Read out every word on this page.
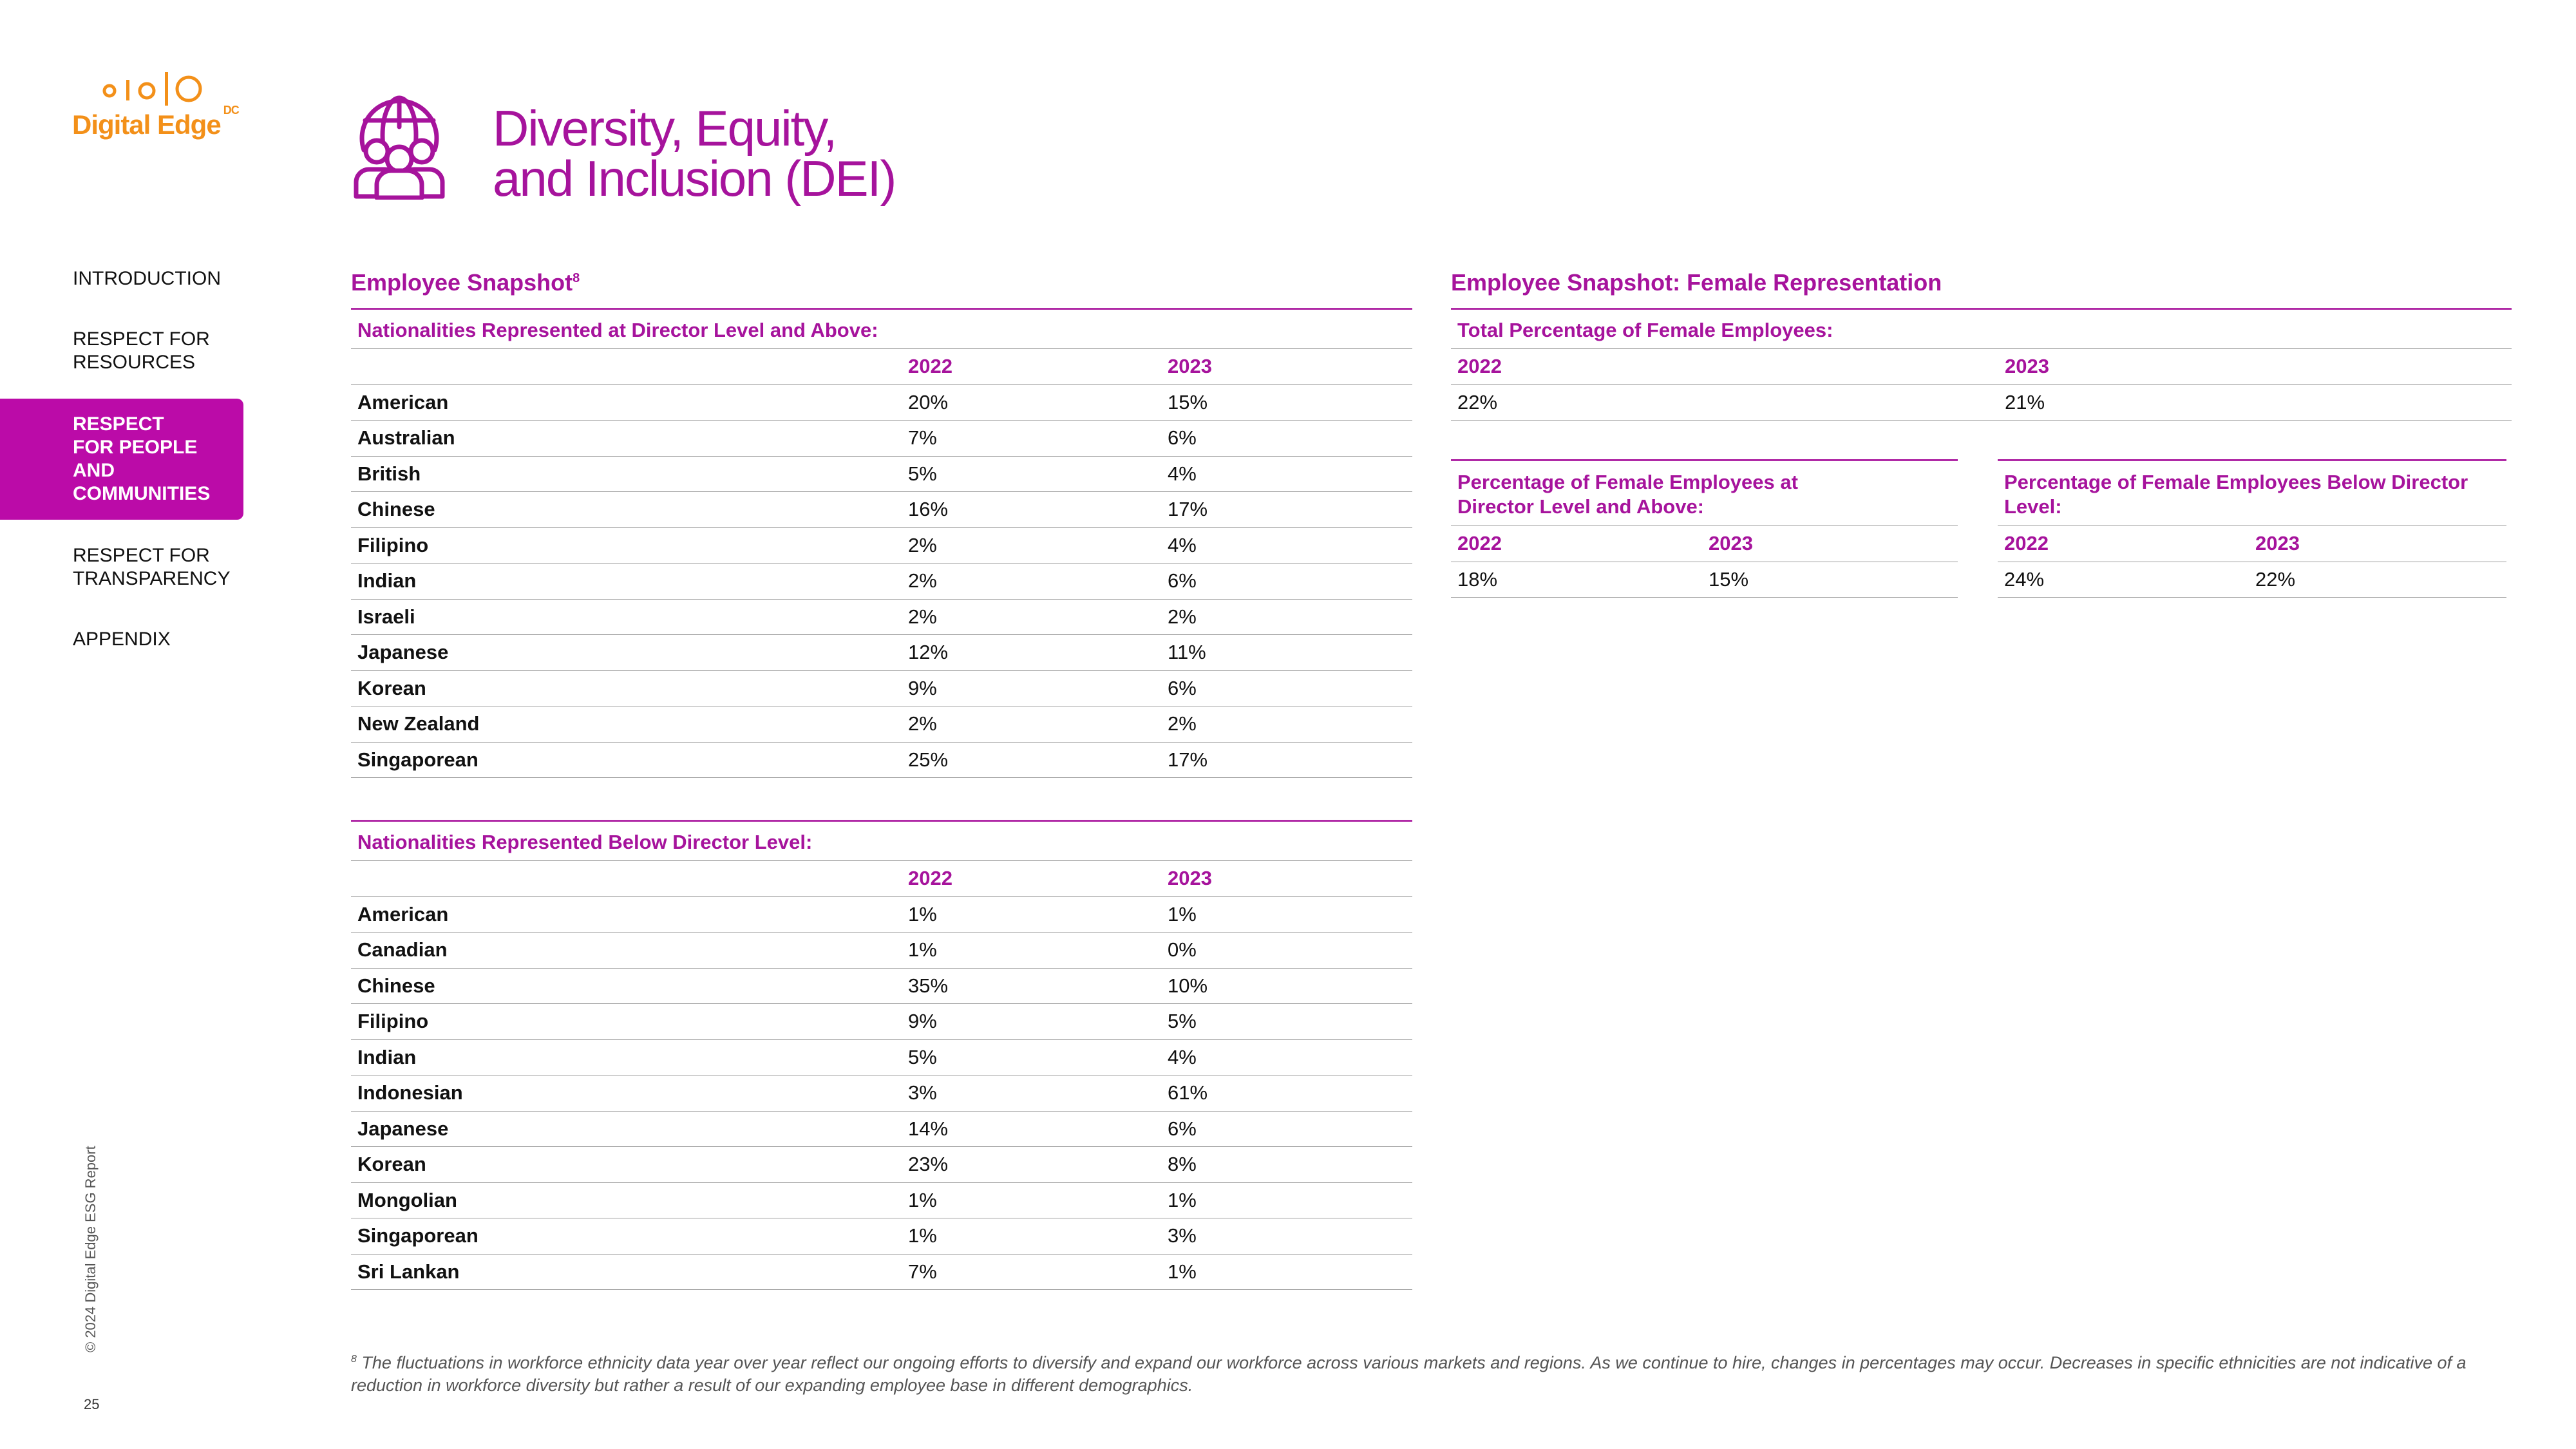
Digital Edge $^{DC}$	Diversity, Equity,
and Inclusion (DEI)
INTRODUCTION
RESPECT FOR
RESOURCES
RESPECT
FOR PEOPLE AND
COMMUNITIES
RESPECT FOR
TRANSPARENCY
APPENDIX
© 2024 Digital Edge ESG Report
25
Employee Snapshot$^8$
Nationalities Represented at Director Level and Above:
2022	2023
American	20%	15%
Australian	7%	6%
British	5%	4%
Chinese	16%	17%
Filipino	2%	4%
Indian	2%	6%
Israeli	2%	2%
Japanese	12%	11%
Korean	9%	6%
New Zealand	2%	2%
Singaporean	25%	17%
Nationalities Represented Below Director Level:
2022	2023
American	1%	1%
Canadian	1%	0%
Chinese	35%	10%
Filipino	9%	5%
Indian	5%	4%
Indonesian	3%	61%
Japanese	14%	6%
Korean	23%	8%
Mongolian	1%	1%
Singaporean	1%	3%
Sri Lankan	7%	1%
Employee Snapshot: Female Representation
Total Percentage of Female Employees:
2022	2023
22%	21%
Percentage of Female Employees at
Director Level and Above:
2022	2023
18%	15%
Percentage of Female Employees Below Director
Level:
2022	2023
24%	22%
$^8$ The fluctuations in workforce ethnicity data year over year reflect our ongoing efforts to diversify and expand our workforce across various markets and regions. As we continue to hire, changes in percentages may occur. Decreases in specific ethnicities are not indicative of a reduction in workforce diversity but rather a result of our expanding employee base in different demographics.
